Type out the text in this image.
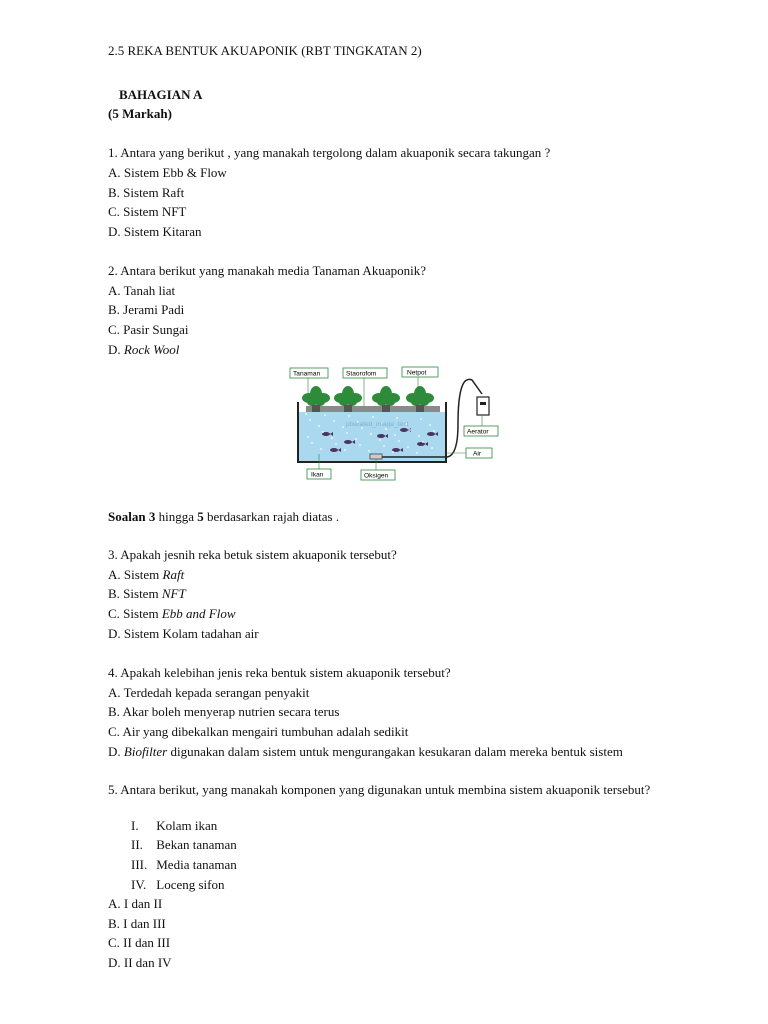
2.5 REKA BENTUK AKUAPONIK (RBT TINGKATAN 2)
BAHAGIAN A
(5 Markah)
1. Antara yang berikut , yang manakah tergolong dalam akuaponik secara takungan ?
A. Sistem Ebb & Flow
B. Sistem Raft
C. Sistem NFT
D. Sistem Kitaran
2. Antara berikut yang manakah media Tanaman Akuaponik?
A. Tanah liat
B. Jerami Padi
C. Pasir Sungai
D. Rock Wool
pixelated_image_text
Tanaman	Staorofom	Netpot
Aerator
Air
Ikan	Oksigen
Soalan 3 hingga 5 berdasarkan rajah diatas .
3. Apakah jesnih reka betuk sistem akuaponik tersebut?
A. Sistem Raft
B. Sistem NFT
C. Sistem Ebb and Flow
D. Sistem Kolam tadahan air
4. Apakah kelebihan jenis reka bentuk sistem akuaponik tersebut?
A. Terdedah kepada serangan penyakit
B. Akar boleh menyerap nutrien secara terus
C. Air yang dibekalkan mengairi tumbuhan adalah sedikit
D. Biofilter digunakan dalam sistem untuk mengurangakan kesukaran dalam mereka bentuk sistem
5. Antara berikut, yang manakah komponen yang digunakan untuk membina sistem akuaponik tersebut?
I. Kolam ikan
II. Bekan tanaman
III. Media tanaman
IV. Loceng sifon
A. I dan II
B. I dan III
C. II dan III
D. II dan IV
